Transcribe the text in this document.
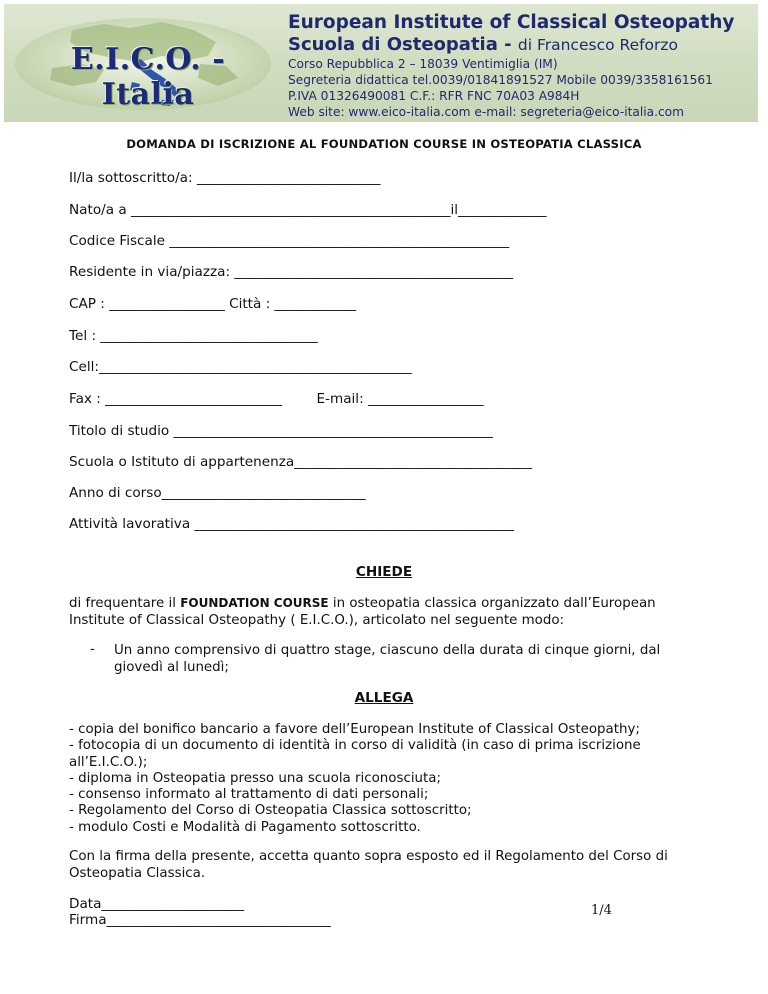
E.I.C.O. - Italia
European Institute of Classical Osteopathy
Scuola di Osteopatia - di Francesco Reforzo
Corso Repubblica 2 – 18039 Ventimiglia (IM)
Segreteria didattica tel.0039/01841891527 Mobile 0039/3358161561
P.IVA 01326490081 C.F.: RFR FNC 70A03 A984H
Web site: www.eico-italia.com e-mail: segreteria@eico-italia.com
DOMANDA DI ISCRIZIONE AL FOUNDATION COURSE IN OSTEOPATIA CLASSICA
Il/la sottoscritto/a: ___________________________
Nato/a a _______________________________________________il_____________
Codice Fiscale __________________________________________________
Residente in via/piazza: _________________________________________
CAP : _________________ Città : ____________
Tel : ________________________________
Cell:______________________________________________
Fax : __________________________        E-mail: _________________
Titolo di studio _______________________________________________
Scuola o Istituto di appartenenza___________________________________
Anno di corso______________________________
Attività lavorativa _______________________________________________
CHIEDE
di frequentare il FOUNDATION COURSE in osteopatia classica organizzato dall’European Institute of Classical Osteopathy ( E.I.C.O.), articolato nel seguente modo:
- Un anno comprensivo di quattro stage, ciascuno della durata di cinque giorni, dal giovedì al lunedì;
ALLEGA
- copia del bonifico bancario a favore dell’European Institute of Classical Osteopathy;
- fotocopia di un documento di identità in corso di validità (in caso di prima iscrizione all’E.I.C.O.);
- diploma in Osteopatia presso una scuola riconosciuta;
- consenso informato al trattamento di dati personali;
- Regolamento del Corso di Osteopatia Classica sottoscritto;
- modulo Costi e Modalità di Pagamento sottoscritto.
Con la firma della presente, accetta quanto sopra esposto ed il Regolamento del Corso di Osteopatia Classica.
Data_____________________
Firma_________________________________
1/4
